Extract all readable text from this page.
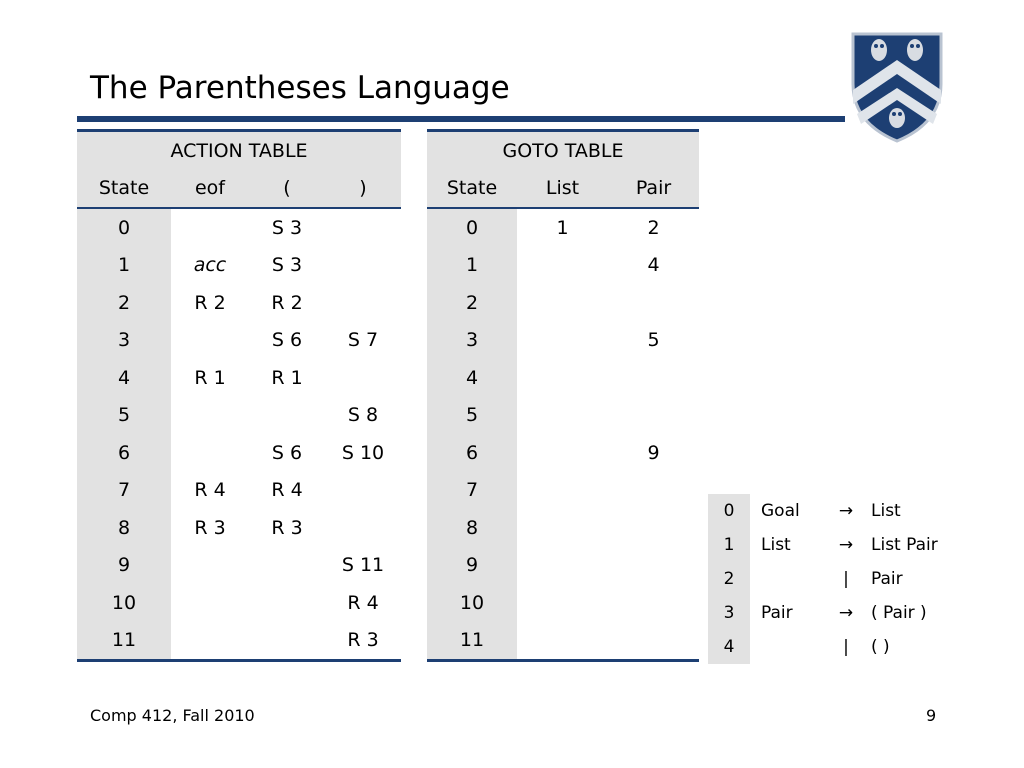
The Parentheses Language
ACTION TABLE			
State	eof	(	)
0		S 3	
1	acc	S 3	
2	R 2	R 2	
3		S 6	S 7
4	R 1	R 1	
5			S 8
6		S 6	S 10
7	R 4	R 4	
8	R 3	R 3	
9			S 11
10			R 4
11			R 3
GOTO TABLE		
State	List	Pair
0	1	2
1		4
2		
3		5
4		
5		
6		9
7		
8		
9		
10		
11		
0	Goal	→	List
1	List	→	List Pair
2		|	Pair
3	Pair	→	( Pair )
4		|	( )
Comp 412, Fall 2010	9
